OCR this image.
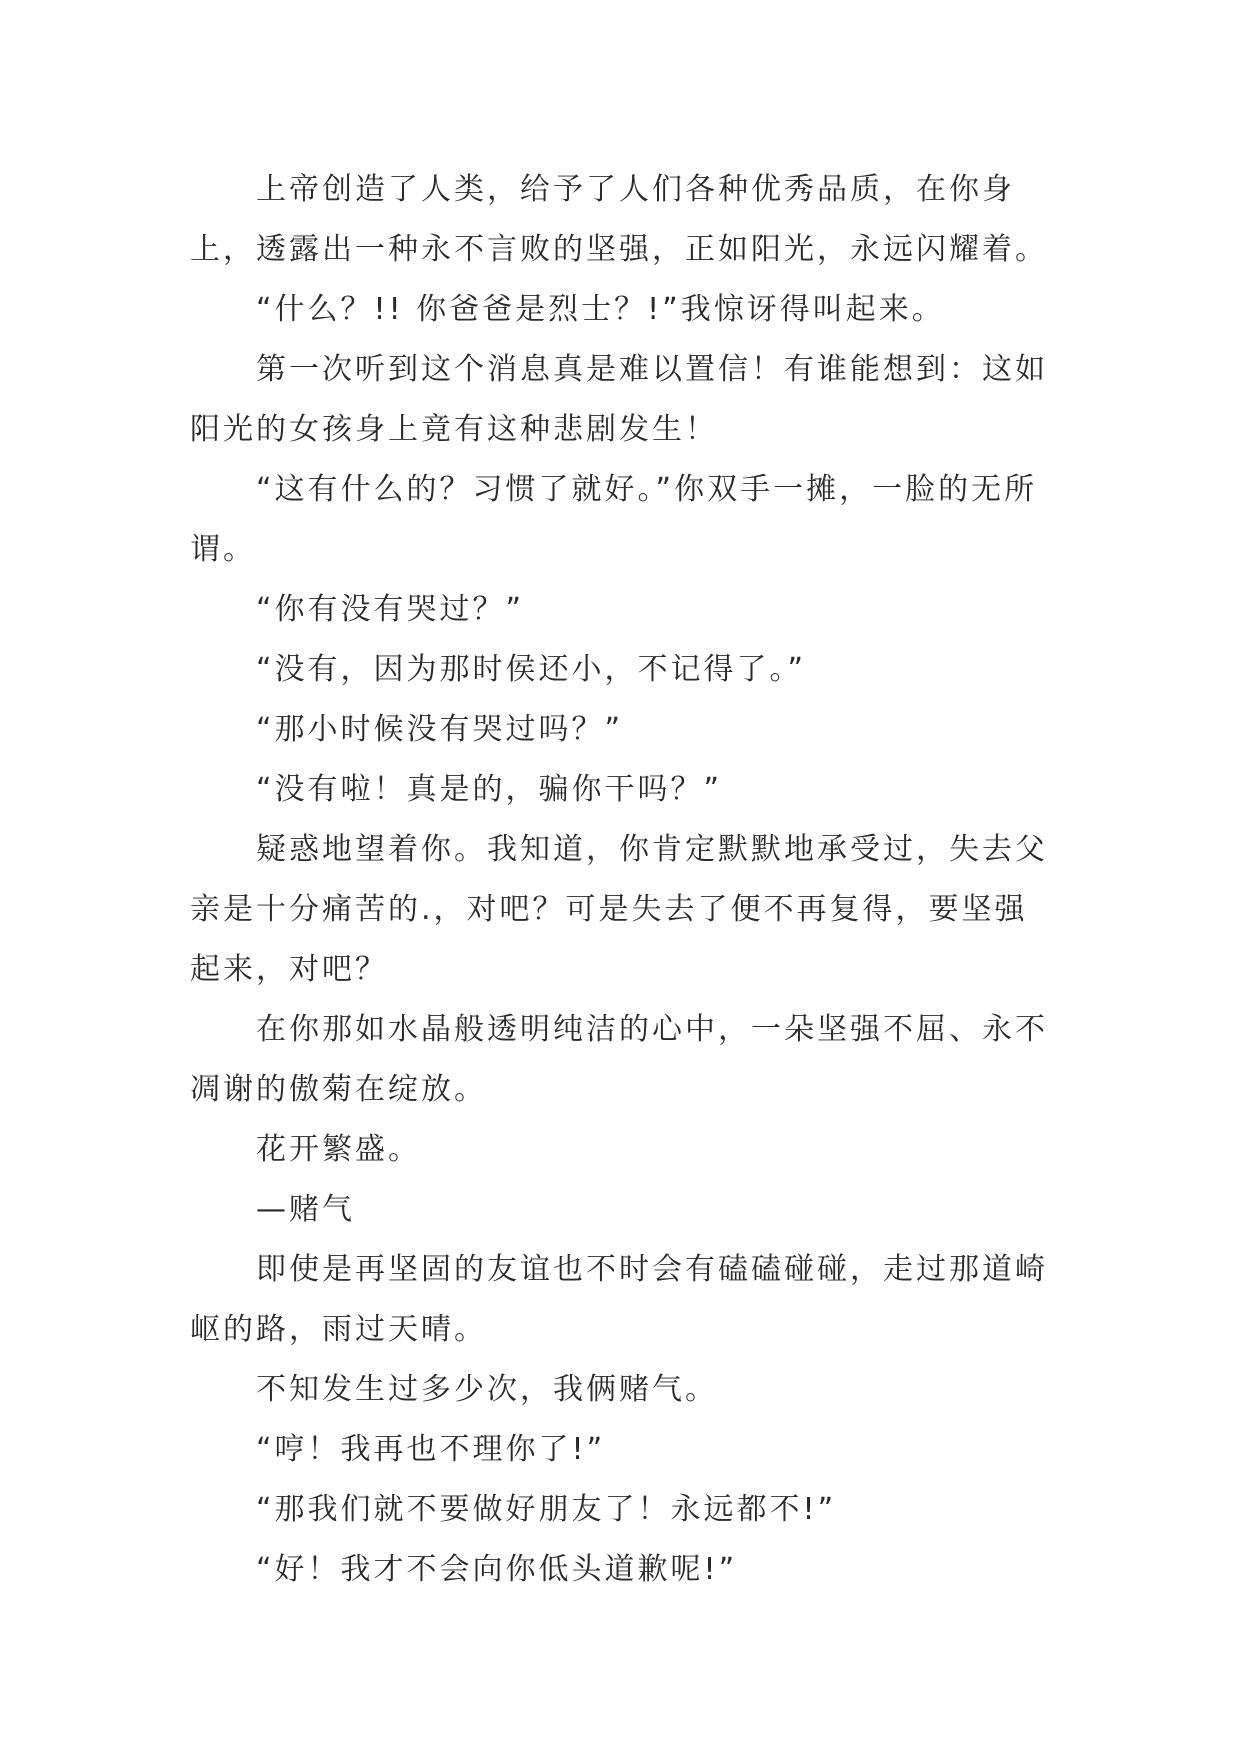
上帝创造了人类，给予了人们各种优秀品质，在你身上，透露出一种永不言败的坚强，正如阳光，永远闪耀着。

“什么？!! 你爸爸是烈士？!”我惊讶得叫起来。

第一次听到这个消息真是难以置信！有谁能想到：这如阳光的女孩身上竟有这种悲剧发生！

“这有什么的？习惯了就好。”你双手一摊，一脸的无所谓。

“你有没有哭过？”

“没有，因为那时侯还小，不记得了。”

“那小时候没有哭过吗？”

“没有啦！真是的，骗你干吗？”

疑惑地望着你。我知道，你肯定默默地承受过，失去父亲是十分痛苦的.，对吧？可是失去了便不再复得，要坚强起来，对吧？

在你那如水晶般透明纯洁的心中，一朵坚强不屈、永不凋谢的傲菊在绽放。

花开繁盛。

—赌气

即使是再坚固的友谊也不时会有磕磕碰碰，走过那道崎岖的路，雨过天晴。

不知发生过多少次，我俩赌气。

“哼！我再也不理你了!”

“那我们就不要做好朋友了！永远都不!”

“好！我才不会向你低头道歉呢!”
